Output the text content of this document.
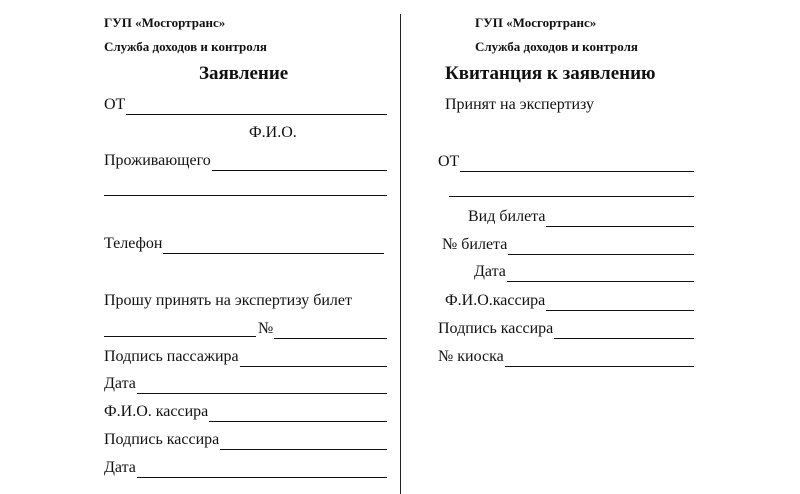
ГУП «Мосгортранс»
Служба доходов и контроля
Заявление
ОТ
Ф.И.О.
Проживающего
Телефон
Прошу принять на экспертизу билет
№
Подпись пассажира
Дата
Ф.И.О. кассира
Подпись кассира
Дата
ГУП «Мосгортранс»
Служба доходов и контроля
Квитанция к заявлению
Принят на экспертизу
ОТ
Вид билета
№ билета
Дата
Ф.И.О.кассира
Подпись кассира
№ киоска
